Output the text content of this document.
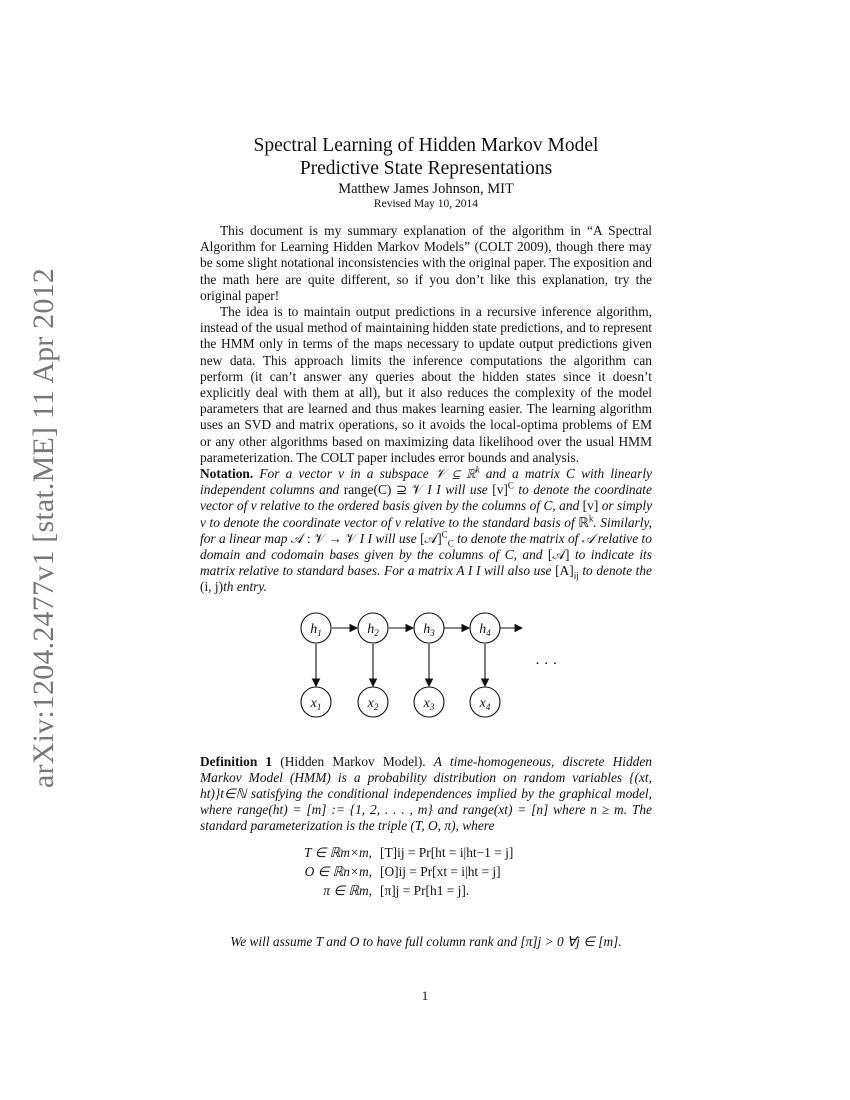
arXiv:1204.2477v1 [stat.ME] 11 Apr 2012
Spectral Learning of Hidden Markov Model
Predictive State Representations
Matthew James Johnson, MIT
Revised May 10, 2014

This document is my summary explanation of the algorithm in “A Spectral Algorithm for Learning Hidden Markov Models” (COLT 2009), though there may be some slight notational inconsistencies with the original paper. The exposition and the math here are quite different, so if you don’t like this explanation, try the original paper!

The idea is to maintain output predictions in a recursive inference algorithm, instead of the usual method of maintaining hidden state predictions, and to represent the HMM only in terms of the maps necessary to update output predictions given new data. This approach limits the inference computations the algorithm can perform (it can’t answer any queries about the hidden states since it doesn’t explicitly deal with them at all), but it also reduces the complexity of the model parameters that are learned and thus makes learning easier. The learning algorithm uses an SVD and matrix operations, so it avoids the local-optima problems of EM or any other algorithms based on maximizing data likelihood over the usual HMM parameterization. The COLT paper includes error bounds and analysis.

Notation. For a vector v in a subspace 𝒱 ⊆ ℝ$^k$ and a matrix C with linearly independent columns and range(C) ⊇ 𝒱 I I will use $[v]^C$ to denote the coordinate vector of v relative to the ordered basis given by the columns of C, and [v] or simply v to denote the coordinate vector of v relative to the standard basis of ℝ$^k$. Similarly, for a linear map 𝒜 : 𝒱 → 𝒱 I I will use [𝒜]$^C_C$ to denote the matrix of 𝒜 relative to domain and codomain bases given by the columns of C, and [𝒜] to indicate its matrix relative to standard bases. For a matrix A I I will also use $[A]_{ij}$ to denote the (i, j)th entry.

$h_1$	$h_2$	$h_3$	$h_4$
$x_1$	$x_2$	$x_3$	$x_4$
· · ·

Definition 1 (Hidden Markov Model). A time-homogeneous, discrete Hidden Markov Model (HMM) is a probability distribution on random variables {(xt, ht)}t∈ℕ satisfying the conditional independences implied by the graphical model, where range(ht) = [m] := {1, 2, . . . , m} and range(xt) = [n] where n ≥ m. The standard parameterization is the triple (T, O, π), where

T ∈ ℝm×m, [T]ij = Pr[ht = i|ht−1 = j]
O ∈ ℝn×m, [O]ij = Pr[xt = i|ht = j]
π ∈ ℝm, [π]j = Pr[h1 = j].
We will assume T and O to have full column rank and [π]j > 0 ∀j ∈ [m].
1
